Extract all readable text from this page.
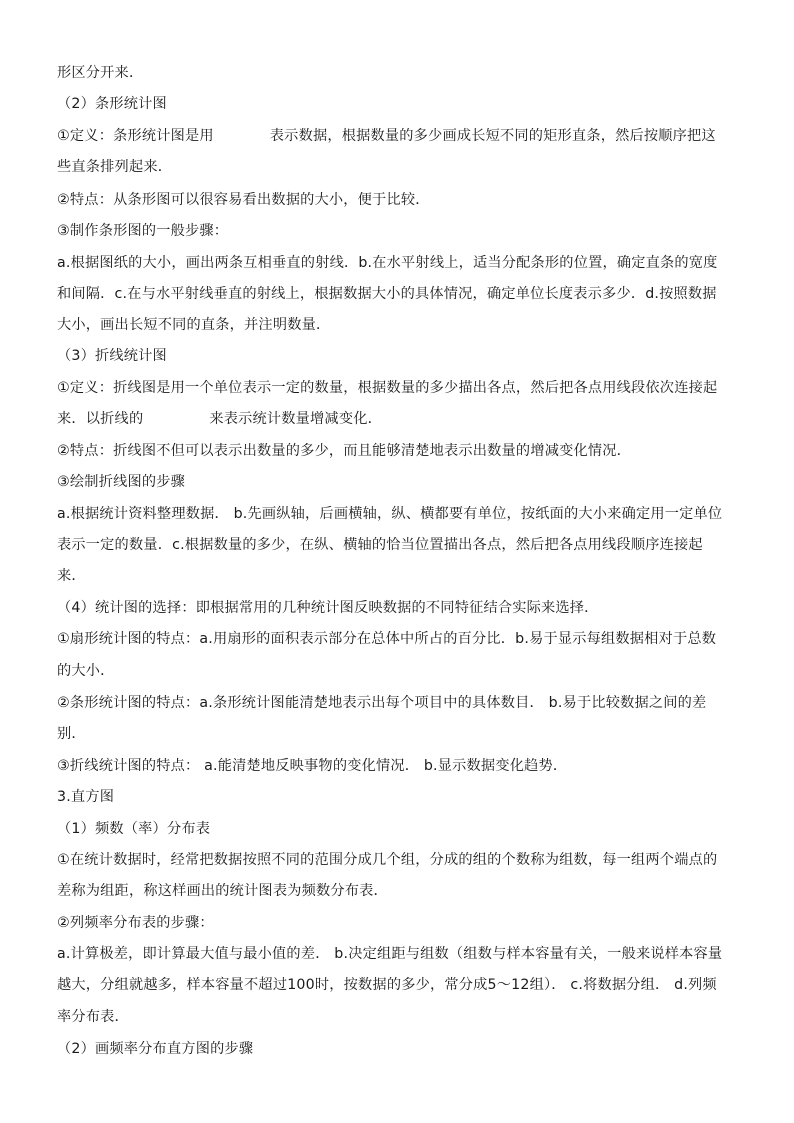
形区分开来．
（2）条形统计图
①定义：条形统计图是用	表示数据，根据数量的多少画成长短不同的矩形直条，然后按顺序把这
些直条排列起来．
②特点：从条形图可以很容易看出数据的大小，便于比较．
③制作条形图的一般步骤：
a.根据图纸的大小，画出两条互相垂直的射线．b.在水平射线上，适当分配条形的位置，确定直条的宽度
和间隔．c.在与水平射线垂直的射线上，根据数据大小的具体情况，确定单位长度表示多少．d.按照数据
大小，画出长短不同的直条，并注明数量．
（3）折线统计图
①定义：折线图是用一个单位表示一定的数量，根据数量的多少描出各点，然后把各点用线段依次连接起
来．以折线的	来表示统计数量增减变化．
②特点：折线图不但可以表示出数量的多少，而且能够清楚地表示出数量的增减变化情况．
③绘制折线图的步骤
a.根据统计资料整理数据． b.先画纵轴，后画横轴，纵、横都要有单位，按纸面的大小来确定用一定单位
表示一定的数量．c.根据数量的多少，在纵、横轴的恰当位置描出各点，然后把各点用线段顺序连接起
来．
（4）统计图的选择：即根据常用的几种统计图反映数据的不同特征结合实际来选择．
①扇形统计图的特点：a.用扇形的面积表示部分在总体中所占的百分比．b.易于显示每组数据相对于总数
的大小．
②条形统计图的特点：a.条形统计图能清楚地表示出每个项目中的具体数目． b.易于比较数据之间的差
别．
③折线统计图的特点： a.能清楚地反映事物的变化情况． b.显示数据变化趋势．
3.直方图
（1）频数（率）分布表
①在统计数据时，经常把数据按照不同的范围分成几个组，分成的组的个数称为组数，每一组两个端点的
差称为组距，称这样画出的统计图表为频数分布表．
②列频率分布表的步骤：
a.计算极差，即计算最大值与最小值的差． b.决定组距与组数（组数与样本容量有关，一般来说样本容量
越大，分组就越多，样本容量不超过100时，按数据的多少，常分成5～12组）． c.将数据分组． d.列频
率分布表．
（2）画频率分布直方图的步骤
